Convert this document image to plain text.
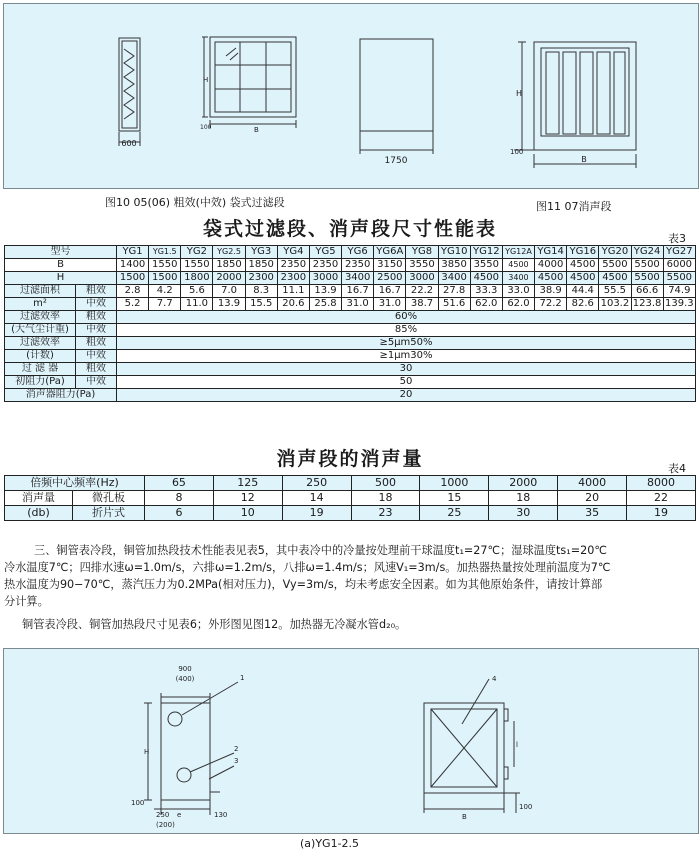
600
H
B
100
1750
H
100
B
图10 05(06) 粗效(中效) 袋式过滤段	图11 07消声段
袋式过滤段、消声段尺寸性能表	表3
型号		YG1	YG1.5	YG2	YG2.5	YG3	YG4	YG5	YG6	YG6A	YG8	YG10	YG12	YG12A	YG14	YG16	YG20	YG24	YG27
B		1400	1550	1550	1850	1850	2350	2350	2350	3150	3550	3850	3550	4500	4000	4500	5500	5500	6000
H		1500	1500	1800	2000	2300	2300	3000	3400	2500	3000	3400	4500	3400	4500	4500	4500	5500	5500
过滤面积	粗效	2.8	4.2	5.6	7.0	8.3	11.1	13.9	16.7	16.7	22.2	27.8	33.3	33.0	38.9	44.4	55.5	66.6	74.9
m²	中效	5.2	7.7	11.0	13.9	15.5	20.6	25.8	31.0	31.0	38.7	51.6	62.0	62.0	72.2	82.6	103.2	123.8	139.3
过滤效率	粗效	60%																	
(大气尘计重)	中效	85%																	
过滤效率	粗效	≥5μm50%																	
(计数)	中效	≥1μm30%																	
过 滤 器	粗效	30																	
初阻力(Pa)	中效	50																	
消声器阻力(Pa)		20																	
消声段的消声量	表4
倍频中心频率(Hz)		65	125	250	500	1000	2000	4000	8000
消声量	微孔板	8	12	14	18	15	18	20	22
(db)	折片式	6	10	19	23	25	30	35	19
三、铜管表冷段，铜管加热段技术性能表见表5，其中表冷中的冷量按处理前干球温度t₁=27℃；湿球温度ts₁=20℃
冷水温度7℃；四排水速ω=1.0m/s，六排ω=1.2m/s，八排ω=1.4m/s；风速V₁=3m/s。加热器热量按处理前温度为7℃
热水温度为90−70℃，蒸汽压力为0.2MPa(相对压力)，Vy=3m/s，均未考虑安全因素。如为其他原始条件，请按计算部
分计算。
铜管表冷段、铜管加热段尺寸见表6；外形图见图12。加热器无冷凝水管d₂₀。
900
(400)	1
2
3
4
H
100
250 e
(200)
130	B
100
l
(a)YG1-2.5
